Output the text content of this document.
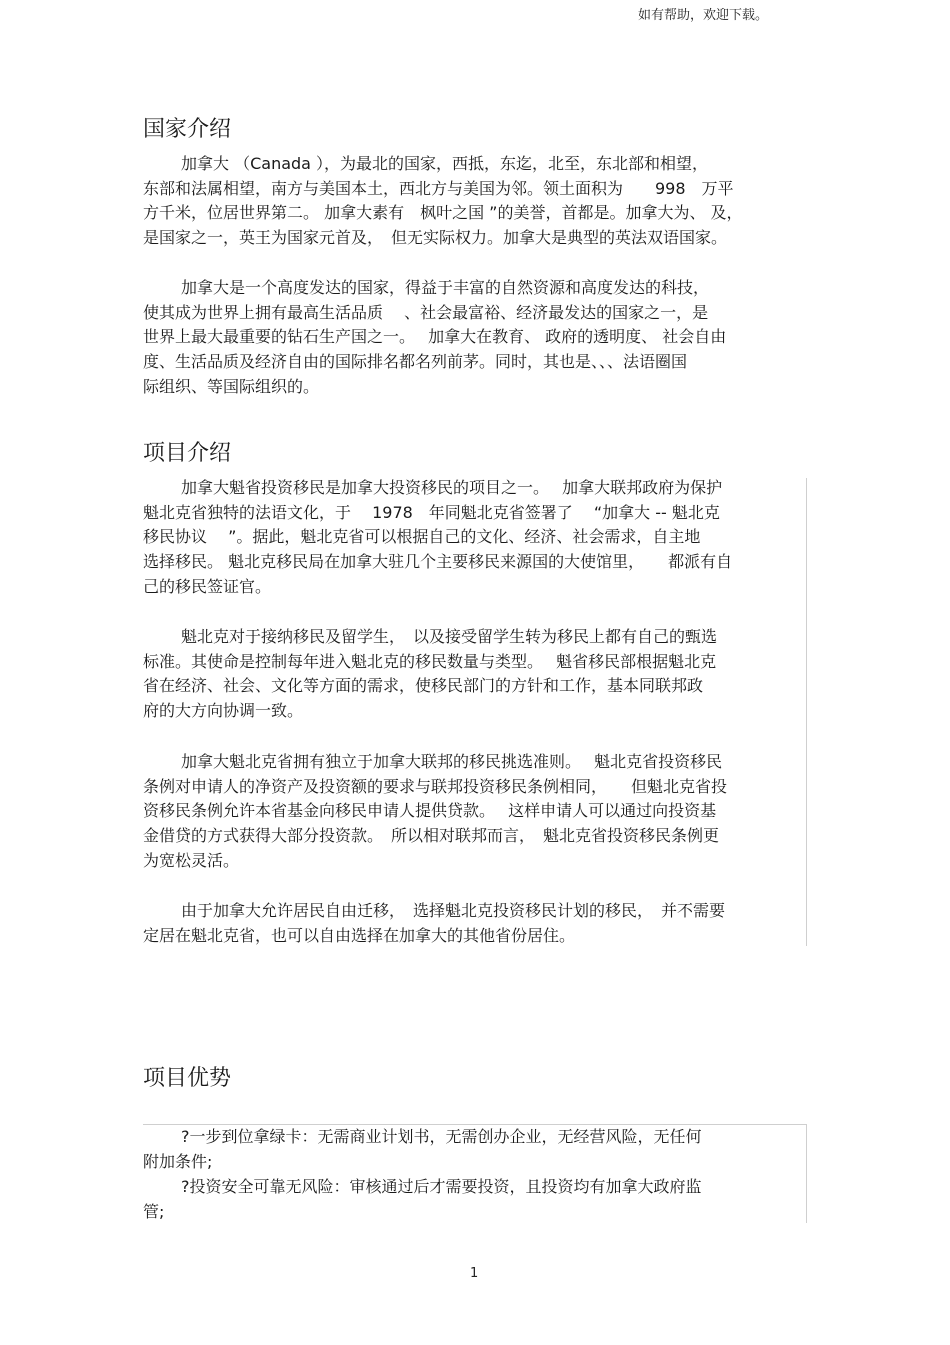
如有帮助，欢迎下载。
国家介绍
加拿大 （Canada ），为最北的国家，西抵，东迄，北至，东北部和相望，
东部和法属相望，南方与美国本土，西北方与美国为邻。领土面积为　　998　万平
方千米，位居世界第二。 加拿大素有　枫叶之国 ”的美誉，首都是。加拿大为、 及，
是国家之一，英王为国家元首及，　但无实际权力。加拿大是典型的英法双语国家。
加拿大是一个高度发达的国家，得益于丰富的自然资源和高度发达的科技，
使其成为世界上拥有最高生活品质　 、社会最富裕、经济最发达的国家之一，是
世界上最大最重要的钻石生产国之一。　 加拿大在教育、 政府的透明度、 社会自由
度、生活品质及经济自由的国际排名都名列前茅。同时，其也是、、、法语圈国
际组织、等国际组织的。
项目介绍
加拿大魁省投资移民是加拿大投资移民的项目之一。　 加拿大联邦政府为保护
魁北克省独特的法语文化，于　 1978　年同魁北克省签署了　 “加拿大 -- 魁北克
移民协议　 ”。据此，魁北克省可以根据自己的文化、经济、社会需求，自主地
选择移民。 魁北克移民局在加拿大驻几个主要移民来源国的大使馆里，　　都派有自
己的移民签证官。
魁北克对于接纳移民及留学生，　以及接受留学生转为移民上都有自己的甄选
标准。其使命是控制每年进入魁北克的移民数量与类型。　 魁省移民部根据魁北克
省在经济、社会、文化等方面的需求，使移民部门的方针和工作，基本同联邦政
府的大方向协调一致。
加拿大魁北克省拥有独立于加拿大联邦的移民挑选准则。　 魁北克省投资移民
条例对申请人的净资产及投资额的要求与联邦投资移民条例相同，　　但魁北克省投
资移民条例允许本省基金向移民申请人提供贷款。　 这样申请人可以通过向投资基
金借贷的方式获得大部分投资款。　所以相对联邦而言，　魁北克省投资移民条例更
为宽松灵活。
由于加拿大允许居民自由迁移，　选择魁北克投资移民计划的移民，　并不需要
定居在魁北克省，也可以自由选择在加拿大的其他省份居住。
项目优势
?一步到位拿绿卡：无需商业计划书，无需创办企业，无经营风险，无任何
附加条件;
?投资安全可靠无风险：审核通过后才需要投资，且投资均有加拿大政府监
管;
1
